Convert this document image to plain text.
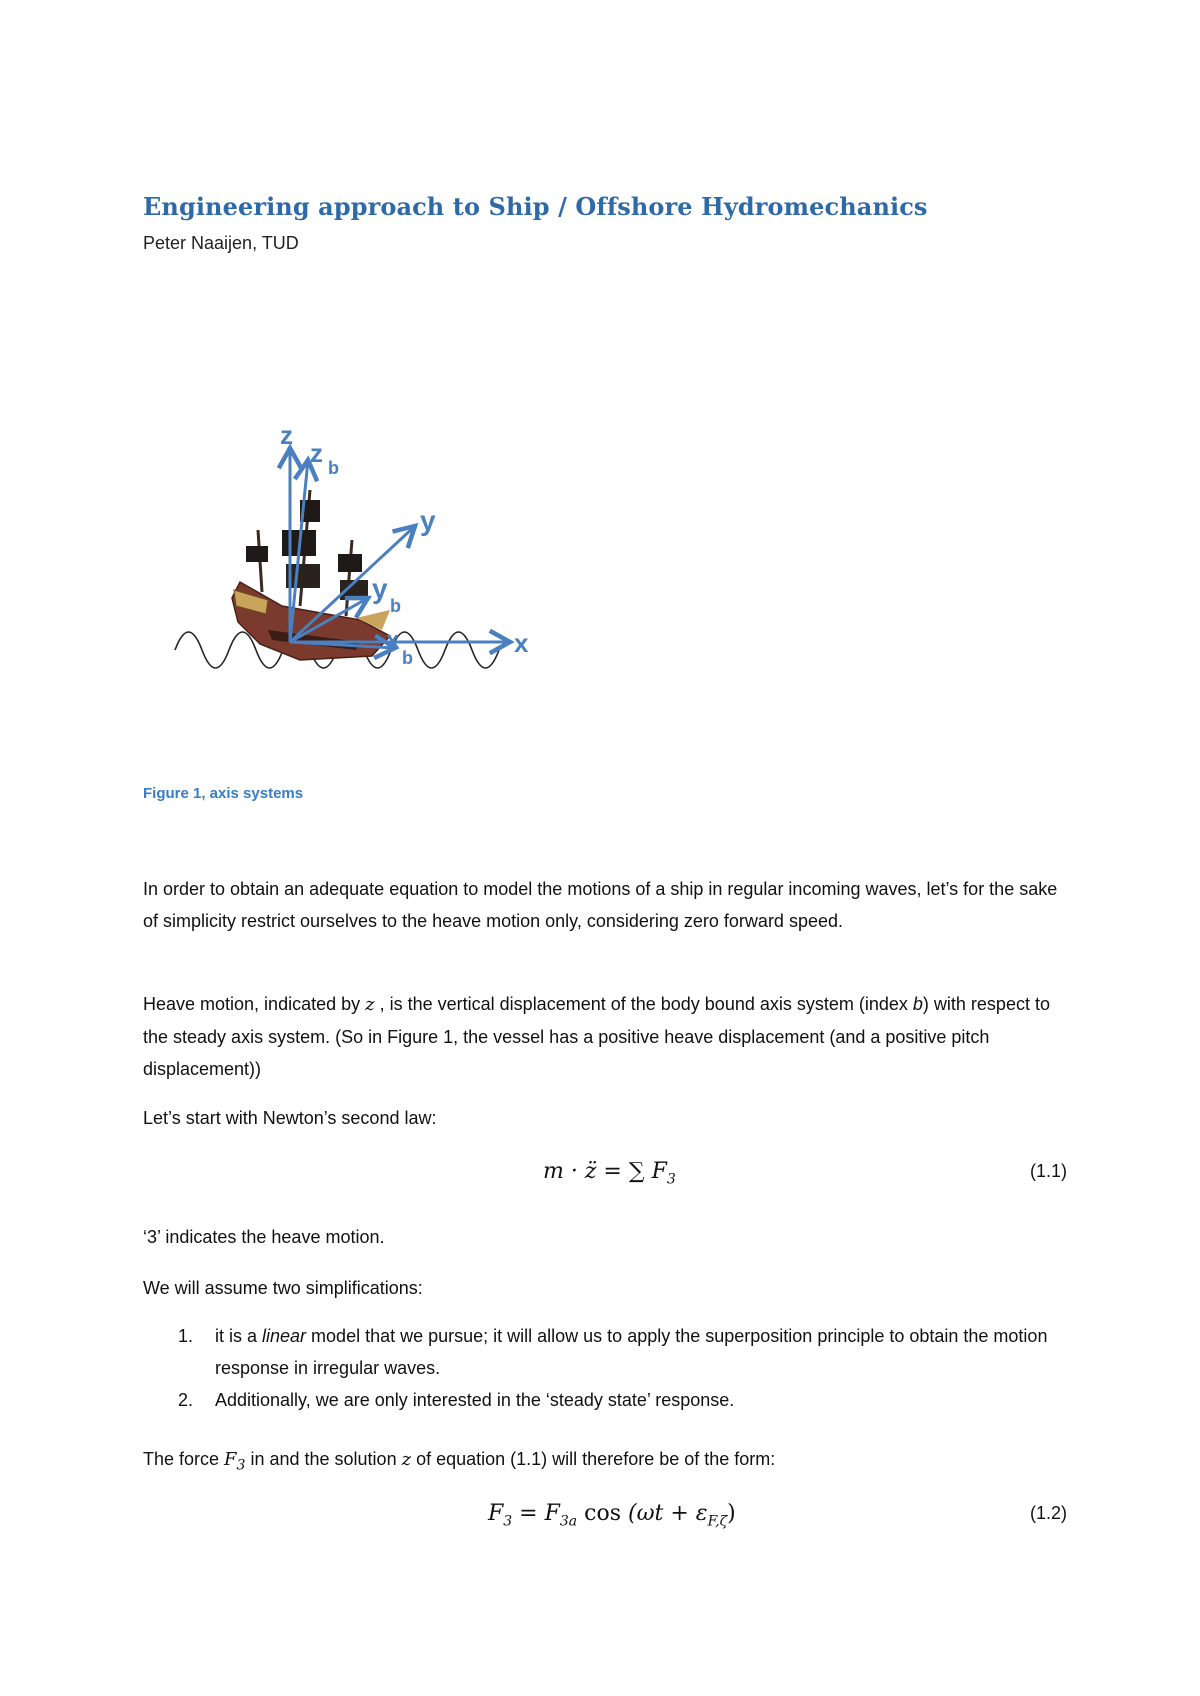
Engineering approach to Ship / Offshore Hydromechanics
Peter Naaijen, TUD
z
z b
y
y
b
x
x
b
Figure 1, axis systems
In order to obtain an adequate equation to model the motions of a ship in regular incoming waves, let’s for the sake of simplicity restrict ourselves to the heave motion only, considering zero forward speed.
Heave motion, indicated by z , is the vertical displacement of the body bound axis system (index b) with respect to the steady axis system. (So in Figure 1, the vessel has a positive heave displacement (and a positive pitch displacement))
Let’s start with Newton’s second law:
m · z̈ = ∑ $F_3$	(1.1)
‘3’ indicates the heave motion.
We will assume two simplifications:
1. it is a linear model that we pursue; it will allow us to apply the superposition principle to obtain the motion response in irregular waves.
2. Additionally, we are only interested in the ‘steady state’ response.
The force $F_3$ in and the solution z of equation (1.1) will therefore be of the form:
$F_3 = F_{3a}$ $\cos (\omega t + \varepsilon_{F,\zeta})$	(1.2)
